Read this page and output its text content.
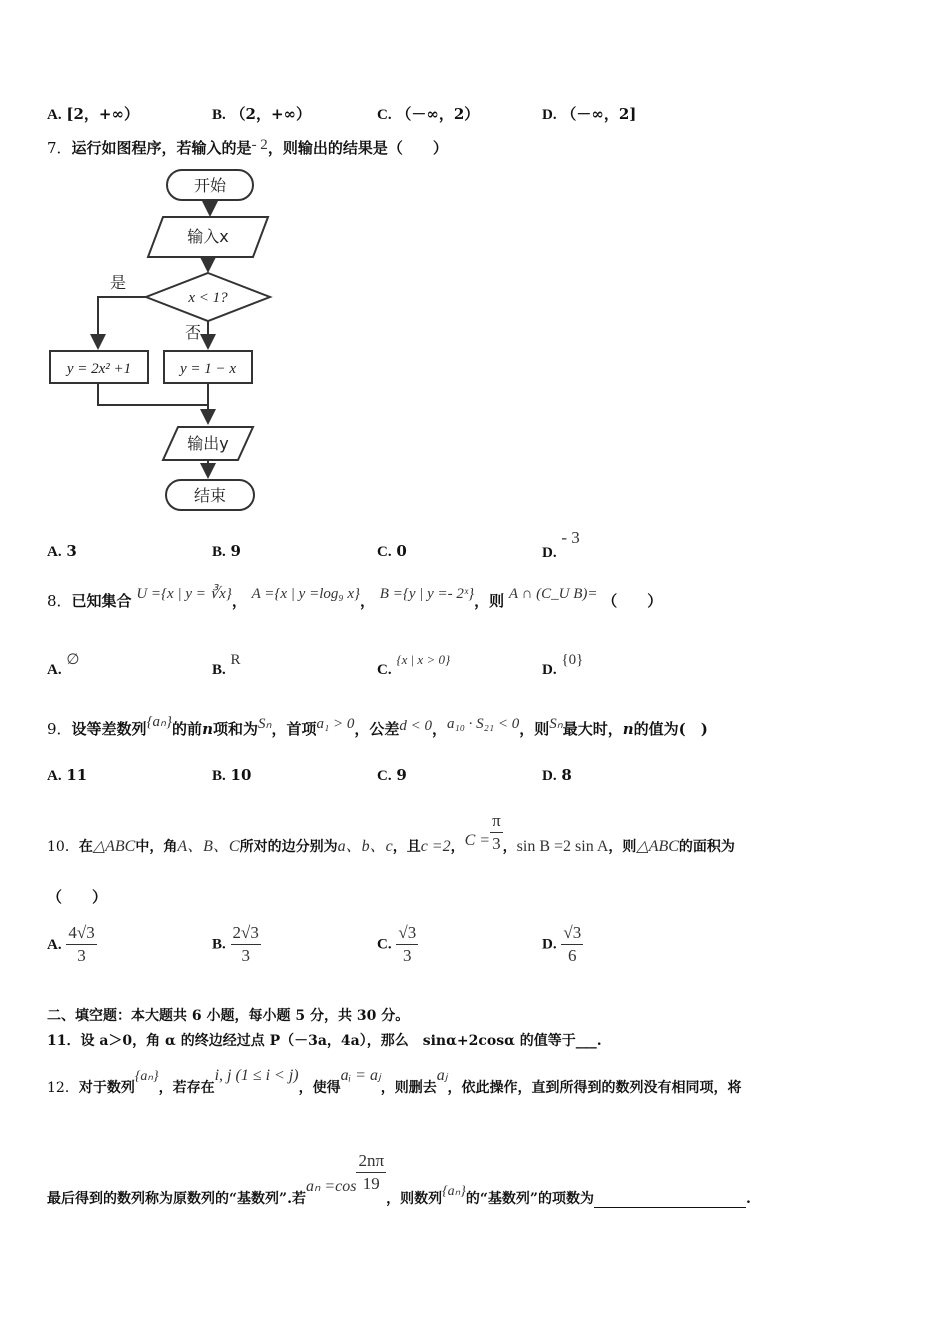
A. [2，+∞）	B. （2，+∞）	C. （－∞，2）	D. （－∞，2]
7．运行如图程序，若输入的是- 2，则输出的结果是（　　）
开始
输入x
x < 1?
是
否
y = 2x² +1	y = 1 − x
输出y
结束
A. 3	B. 9	C. 0	D. - 3
8．已知集合 U ={x | y = ∛x}， A ={x | y =log₉ x}， B ={y | y =- 2ˣ}，则 A ∩ (C_U B)= （　　）
A. ∅
B. R
C. {x | x > 0}
D. {0}
9．设等差数列{aₙ}的前n项和为Sₙ，首项a₁ > 0，公差d < 0，a₁₀ · S₂₁ < 0，则Sₙ最大时，n的值为(　)
A. 11	B. 10	C. 9	D. 8
10．在△ABC中，角A、B、C所对的边分别为a、b、c，且c =2，$C = \frac{\pi}{3}$ ，sin B =2 sin A，则△ABC的面积为
（　　）
A. $\frac{4√3}{3}$	B. $\frac{2√3}{3}$	C. $\frac{√3}{3}$	D. $\frac{√3}{6}$
二、填空题：本大题共 6 小题，每小题 5 分，共 30 分。
11．设 a＞0，角 α 的终边经过点 P（－3a，4a），那么　sinα+2cosα 的值等于___.
12．对于数列{aₙ}，若存在i, j (1 ≤ i < j)，使得aᵢ = aⱼ，则删去aⱼ，依此操作，直到所得到的数列没有相同项，将
最后得到的数列称为原数列的“基数列”.若$a_n =\cos \frac{2n\pi}{19}$
，则数列{aₙ}的“基数列”的项数为	.
